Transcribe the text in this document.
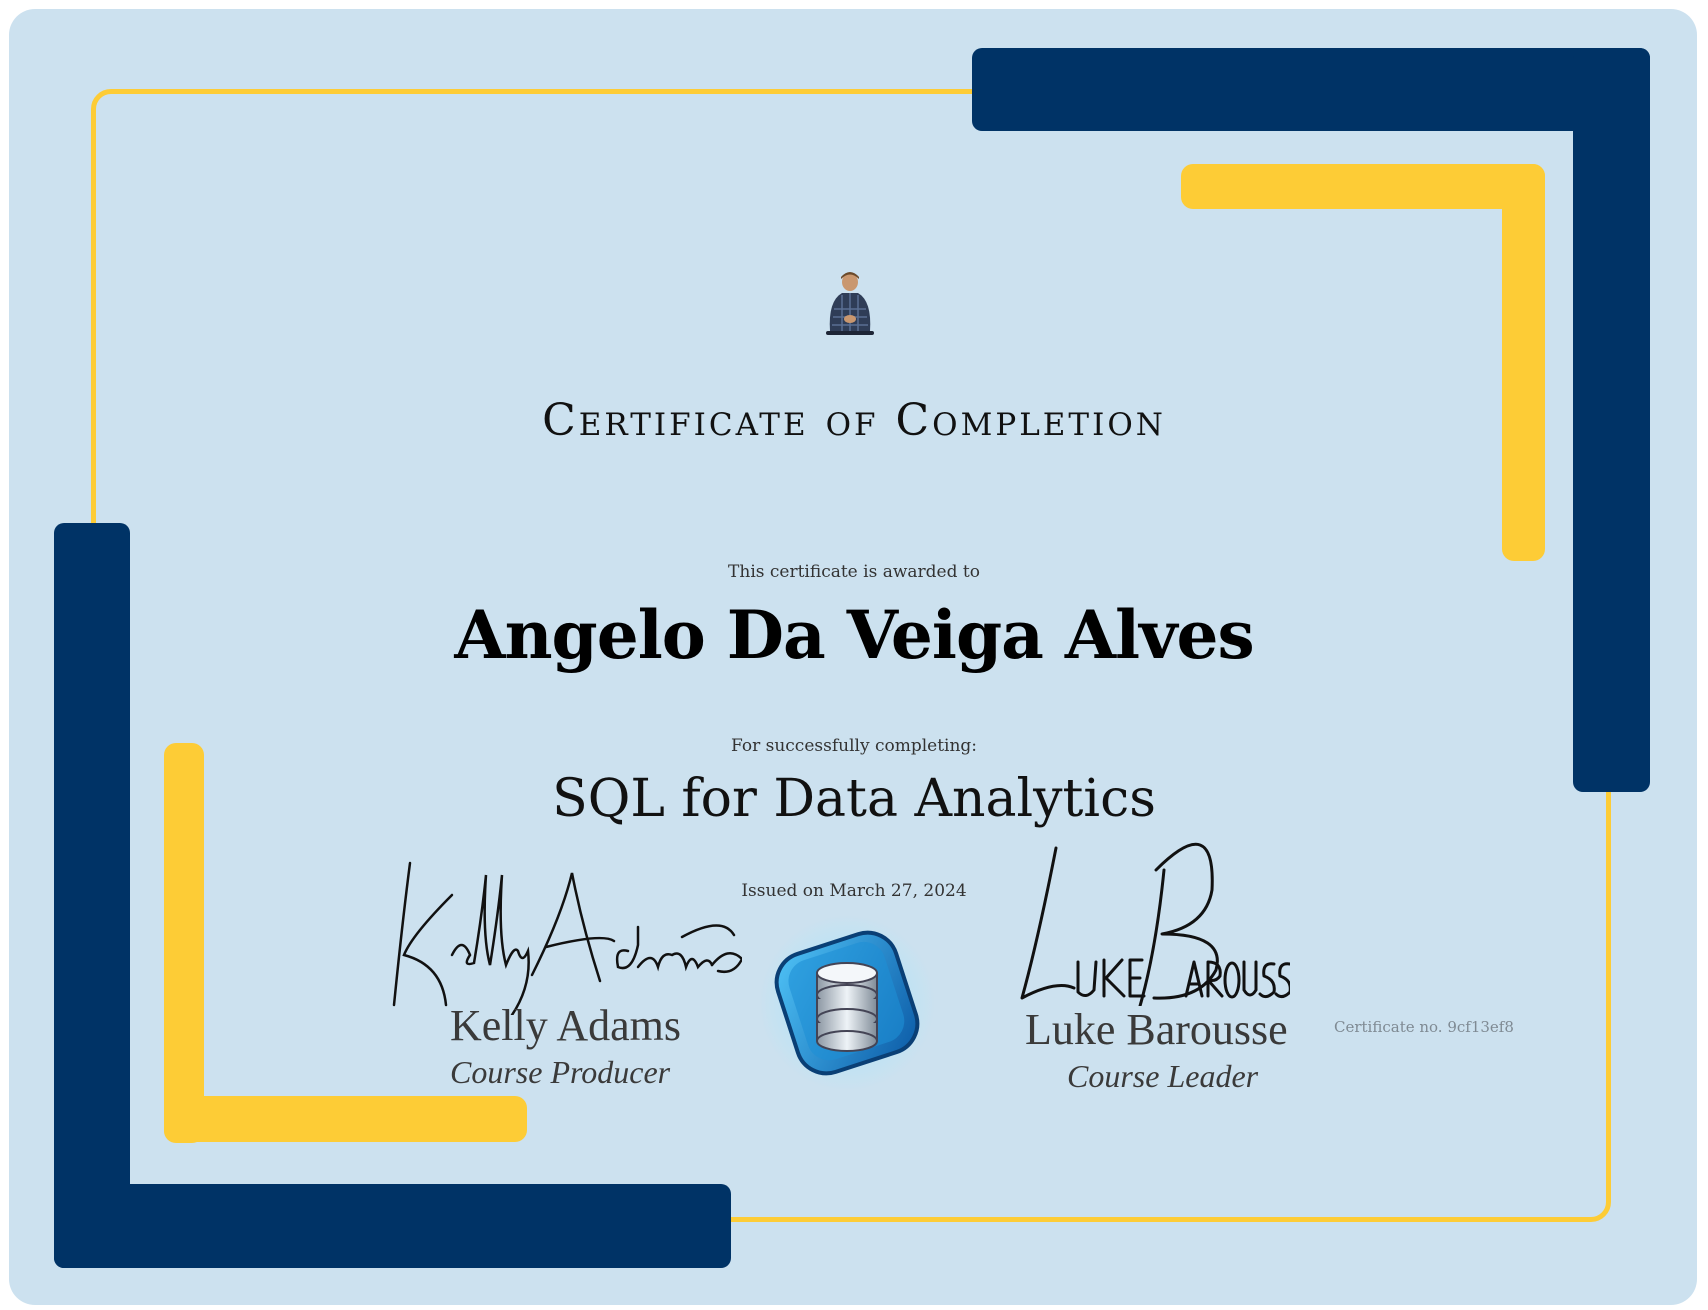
Certificate of Completion
This certificate is awarded to
Angelo Da Veiga Alves
For successfully completing:
SQL for Data Analytics
Issued on March 27, 2024
Kelly Adams
Course Producer
Luke Barousse
Course Leader
Certificate no. 9cf13ef8
